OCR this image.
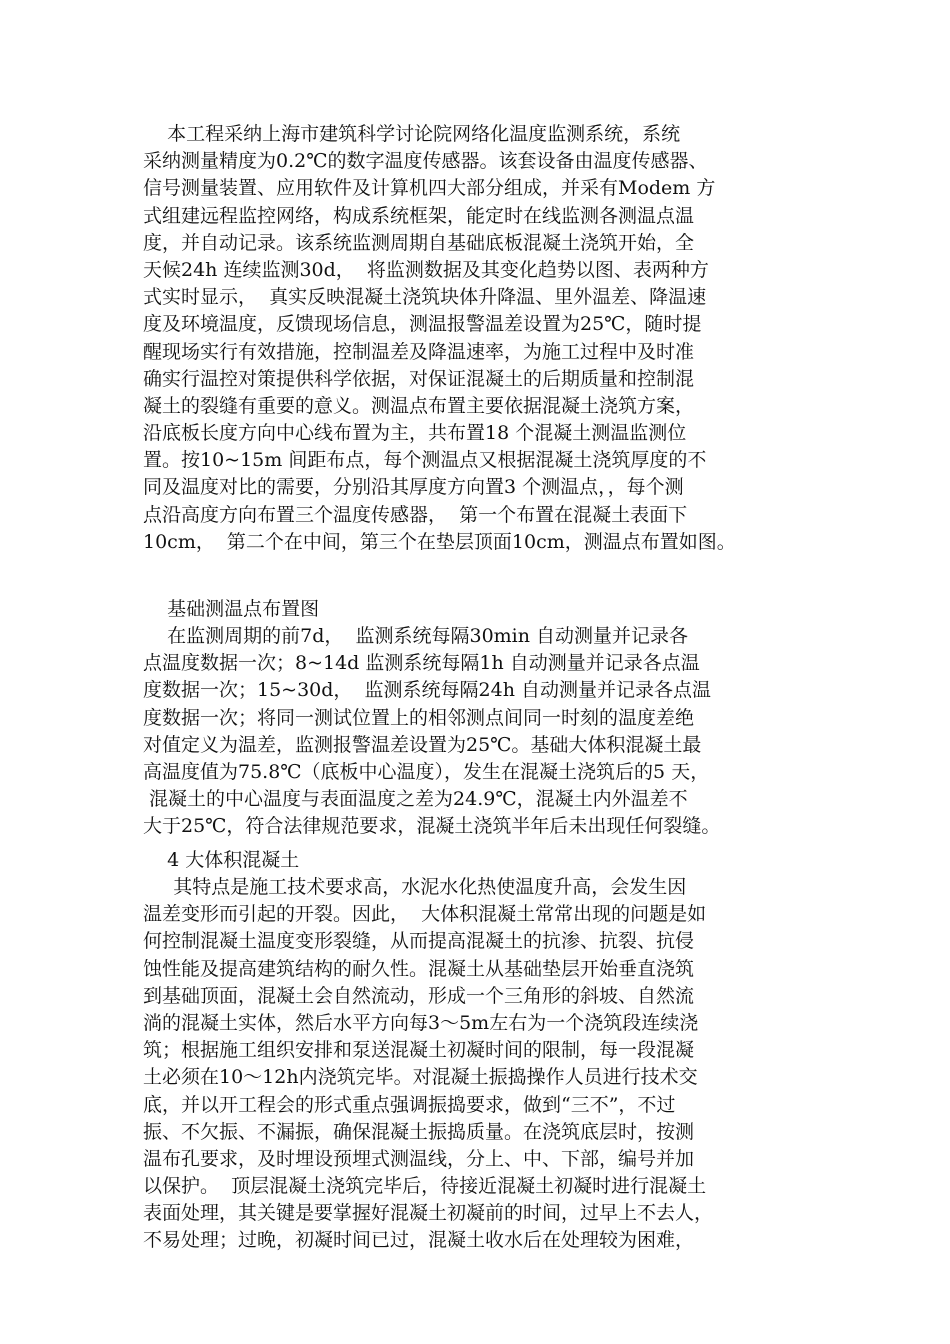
本工程采纳上海市建筑科学讨论院网络化温度监测系统，系统
采纳测量精度为0.2℃的数字温度传感器。该套设备由温度传感器、
信号测量装置、应用软件及计算机四大部分组成，并采有Modem 方
式组建远程监控网络，构成系统框架，能定时在线监测各测温点温
度，并自动记录。该系统监测周期自基础底板混凝土浇筑开始，全
天候24h 连续监测30d，  将监测数据及其变化趋势以图、表两种方
式实时显示，  真实反映混凝土浇筑块体升降温、里外温差、降温速
度及环境温度，反馈现场信息，测温报警温差设置为25℃，随时提
醒现场实行有效措施，控制温差及降温速率，为施工过程中及时准
确实行温控对策提供科学依据，对保证混凝土的后期质量和控制混
凝土的裂缝有重要的意义。测温点布置主要依据混凝土浇筑方案，
沿底板长度方向中心线布置为主，共布置18 个混凝土测温监测位
置。按10~15m 间距布点，每个测温点又根据混凝土浇筑厚度的不
同及温度对比的需要，分别沿其厚度方向置3 个测温点，，每个测
点沿高度方向布置三个温度传感器，  第一个布置在混凝土表面下
10cm，  第二个在中间，第三个在垫层顶面10cm，测温点布置如图。
基础测温点布置图
在监测周期的前7d，  监测系统每隔30min 自动测量并记录各
点温度数据一次；8~14d 监测系统每隔1h 自动测量并记录各点温
度数据一次；15~30d，  监测系统每隔24h 自动测量并记录各点温
度数据一次；将同一测试位置上的相邻测点间同一时刻的温度差绝
对值定义为温差，监测报警温差设置为25℃。基础大体积混凝土最
高温度值为75.8℃（底板中心温度），发生在混凝土浇筑后的5 天，
混凝土的中心温度与表面温度之差为24.9℃，混凝土内外温差不
大于25℃，符合法律规范要求，混凝土浇筑半年后未出现任何裂缝。
4 大体积混凝土
其特点是施工技术要求高，水泥水化热使温度升高，会发生因
温差变形而引起的开裂。因此，  大体积混凝土常常出现的问题是如
何控制混凝土温度变形裂缝，从而提高混凝土的抗渗、抗裂、抗侵
蚀性能及提高建筑结构的耐久性。混凝土从基础垫层开始垂直浇筑
到基础顶面，混凝土会自然流动，形成一个三角形的斜坡、自然流
淌的混凝土实体，然后水平方向每3～5m左右为一个浇筑段连续浇
筑；根据施工组织安排和泵送混凝土初凝时间的限制，每一段混凝
土必须在10～12h内浇筑完毕。对混凝土振捣操作人员进行技术交
底，并以开工程会的形式重点强调振捣要求，做到“三不”，不过
振、不欠振、不漏振，确保混凝土振捣质量。在浇筑底层时，按测
温布孔要求，及时埋设预埋式测温线，分上、中、下部，编号并加
以保护。  顶层混凝土浇筑完毕后，待接近混凝土初凝时进行混凝土
表面处理，其关键是要掌握好混凝土初凝前的时间，过早上不去人，
不易处理；过晚，初凝时间已过，混凝土收水后在处理较为困难，
